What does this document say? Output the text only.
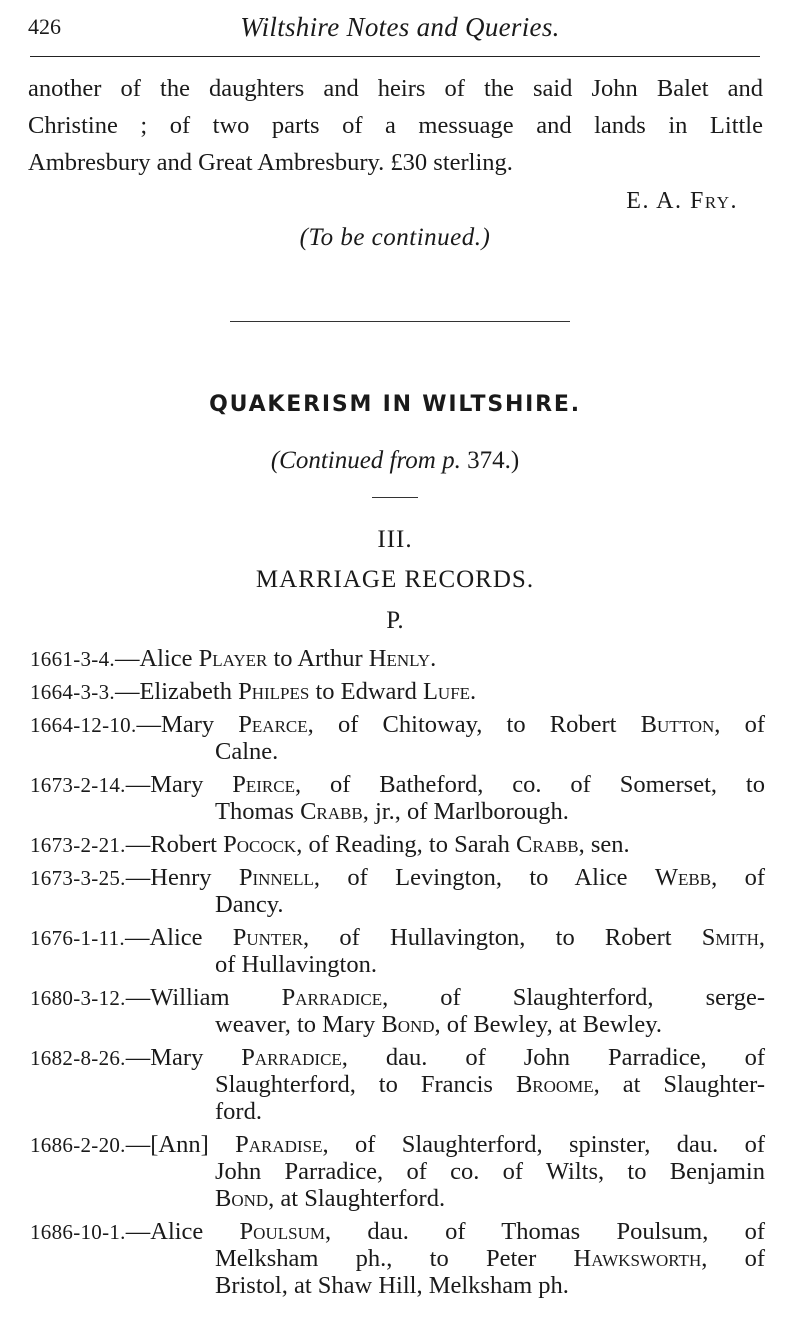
426	Wiltshire Notes and Queries.
another of the daughters and heirs of the said John Balet and
Christine ; of two parts of a messuage and lands in Little
Ambresbury and Great Ambresbury. £30 sterling.
E. A. Fry.
(To be continued.)
QUAKERISM IN WILTSHIRE.
(Continued from p. 374.)
III.
MARRIAGE RECORDS.
P.
1661-3-4.—Alice Player to Arthur Henly.
1664-3-3.—Elizabeth Philpes to Edward Lufe.
1664-12-10.—Mary Pearce, of Chitoway, to Robert Button, of
Calne.
1673-2-14.—Mary Peirce, of Batheford, co. of Somerset, to
Thomas Crabb, jr., of Marlborough.
1673-2-21.—Robert Pocock, of Reading, to Sarah Crabb, sen.
1673-3-25.—Henry Pinnell, of Levington, to Alice Webb, of
Dancy.
1676-1-11.—Alice Punter, of Hullavington, to Robert Smith,
of Hullavington.
1680-3-12.—William Parradice, of Slaughterford, serge-
weaver, to Mary Bond, of Bewley, at Bewley.
1682-8-26.—Mary Parradice, dau. of John Parradice, of
Slaughterford, to Francis Broome, at Slaughter-
ford.
1686-2-20.—[Ann] Paradise, of Slaughterford, spinster, dau. of
John Parradice, of co. of Wilts, to Benjamin
Bond, at Slaughterford.
1686-10-1.—Alice Poulsum, dau. of Thomas Poulsum, of
Melksham ph., to Peter Hawksworth, of
Bristol, at Shaw Hill, Melksham ph.
